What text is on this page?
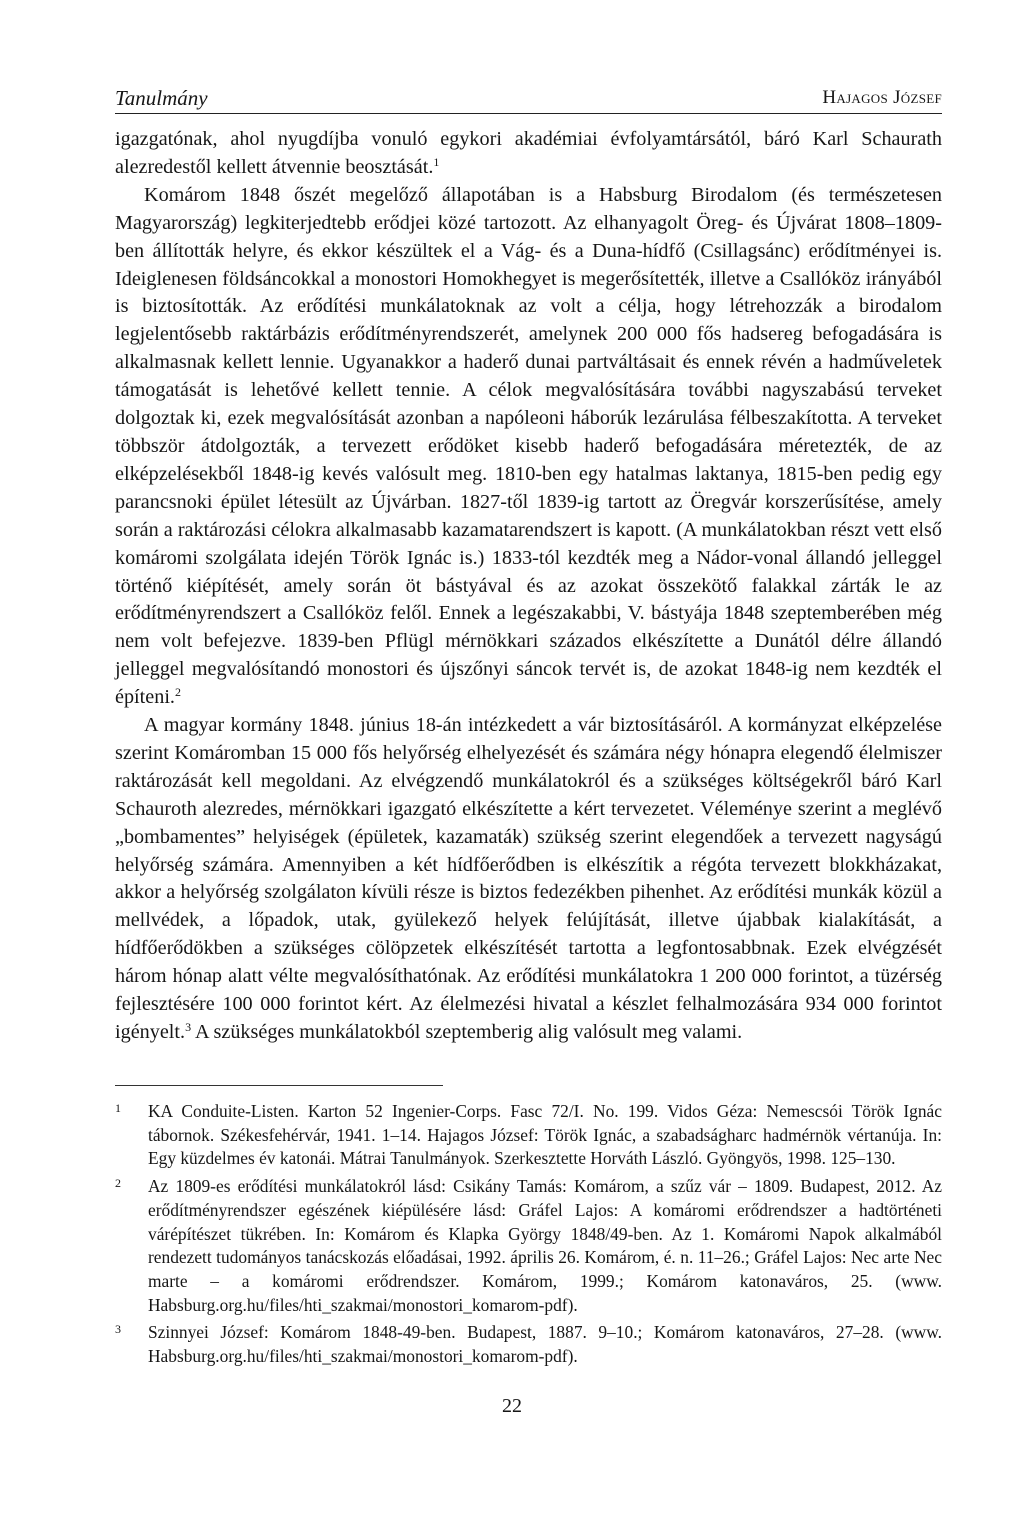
Tanulmány	Hajagos József

igazgatónak, ahol nyugdíjba vonuló egykori akadémiai évfolyamtársától, báró Karl Schaurath alezredestől kellett átvennie beosztását.$^1$

Komárom 1848 őszét megelőző állapotában is a Habsburg Birodalom (és természetesen Magyarország) legkiterjedtebb erődjei közé tartozott. Az elhanyagolt Öreg- és Újvárat 1808–1809-ben állították helyre, és ekkor készültek el a Vág- és a Duna-hídfő (Csillagsánc) erődítményei is. Ideiglenesen földsáncokkal a monostori Homokhegyet is megerősítették, illetve a Csallóköz irányából is biztosították. Az erődítési munkálatoknak az volt a célja, hogy létrehozzák a birodalom legjelentősebb raktárbázis erődítményrendszerét, amelynek 200 000 fős hadsereg befogadására is alkalmasnak kellett lennie. Ugyanakkor a haderő dunai partváltásait és ennek révén a hadműveletek támogatását is lehetővé kellett tennie. A célok megvalósítására további nagyszabású terveket dolgoztak ki, ezek megvalósítását azonban a napóleoni háborúk lezárulása félbeszakította. A terveket többször átdolgozták, a tervezett erődöket kisebb haderő befogadására méretezték, de az elképzelésekből 1848-ig kevés valósult meg. 1810-ben egy hatalmas laktanya, 1815-ben pedig egy parancsnoki épület létesült az Újvárban. 1827-től 1839-ig tartott az Öregvár korszerűsítése, amely során a raktározási célokra alkalmasabb kazamatarendszert is kapott. (A munkálatokban részt vett első komáromi szolgálata idején Török Ignác is.) 1833-tól kezdték meg a Nádor-vonal állandó jelleggel történő kiépítését, amely során öt bástyával és az azokat összekötő falakkal zárták le az erődítményrendszert a Csallóköz felől. Ennek a legészakabbi, V. bástyája 1848 szeptemberében még nem volt befejezve. 1839-ben Pflügl mérnökkari százados elkészítette a Dunától délre állandó jelleggel megvalósítandó monostori és újszőnyi sáncok tervét is, de azokat 1848-ig nem kezdték el építeni.$^2$

A magyar kormány 1848. június 18-án intézkedett a vár biztosításáról. A kormányzat elképzelése szerint Komáromban 15 000 fős helyőrség elhelyezését és számára négy hónapra elegendő élelmiszer raktározását kell megoldani. Az elvégzendő munkálatokról és a szükséges költségekről báró Karl Schauroth alezredes, mérnökkari igazgató elkészítette a kért tervezetet. Véleménye szerint a meglévő „bombamentes” helyiségek (épületek, kazamaták) szükség szerint elegendőek a tervezett nagyságú helyőrség számára. Amennyiben a két hídfőerődben is elkészítik a régóta tervezett blokkházakat, akkor a helyőrség szolgálaton kívüli része is biztos fedezékben pihenhet. Az erődítési munkák közül a mellvédek, a lőpadok, utak, gyülekező helyek felújítását, illetve újabbak kialakítását, a hídfőerődökben a szükséges cölöpzetek elkészítését tartotta a legfontosabbnak. Ezek elvégzését három hónap alatt vélte megvalósíthatónak. Az erődítési munkálatokra 1 200 000 forintot, a tüzérség fejlesztésére 100 000 forintot kért. Az élelmezési hivatal a készlet felhalmozására 934 000 forintot igényelt.$^3$ A szükséges munkálatokból szeptemberig alig valósult meg valami.

1 KA Conduite-Listen. Karton 52 Ingenier-Corps. Fasc 72/I. No. 199. Vidos Géza: Nemescsói Török Ignác tábornok. Székesfehérvár, 1941. 1–14. Hajagos József: Török Ignác, a szabadságharc hadmérnök vértanúja. In: Egy küzdelmes év katonái. Mátrai Tanulmányok. Szerkesztette Horváth László. Gyöngyös, 1998. 125–130.
2 Az 1809-es erődítési munkálatokról lásd: Csikány Tamás: Komárom, a szűz vár – 1809. Budapest, 2012. Az erődítményrendszer egészének kiépülésére lásd: Gráfel Lajos: A komáromi erődrendszer a hadtörténeti várépítészet tükrében. In: Komárom és Klapka György 1848/49-ben. Az 1. Komáromi Napok alkalmából rendezett tudományos tanácskozás előadásai, 1992. április 26. Komárom, é. n. 11–26.; Gráfel Lajos: Nec arte Nec marte – a komáromi erődrendszer. Komárom, 1999.; Komárom katonaváros, 25. (www. Habsburg.org.hu/files/hti_szakmai/monostori_komarom-pdf).
3 Szinnyei József: Komárom 1848-49-ben. Budapest, 1887. 9–10.; Komárom katonaváros, 27–28. (www. Habsburg.org.hu/files/hti_szakmai/monostori_komarom-pdf).
22
